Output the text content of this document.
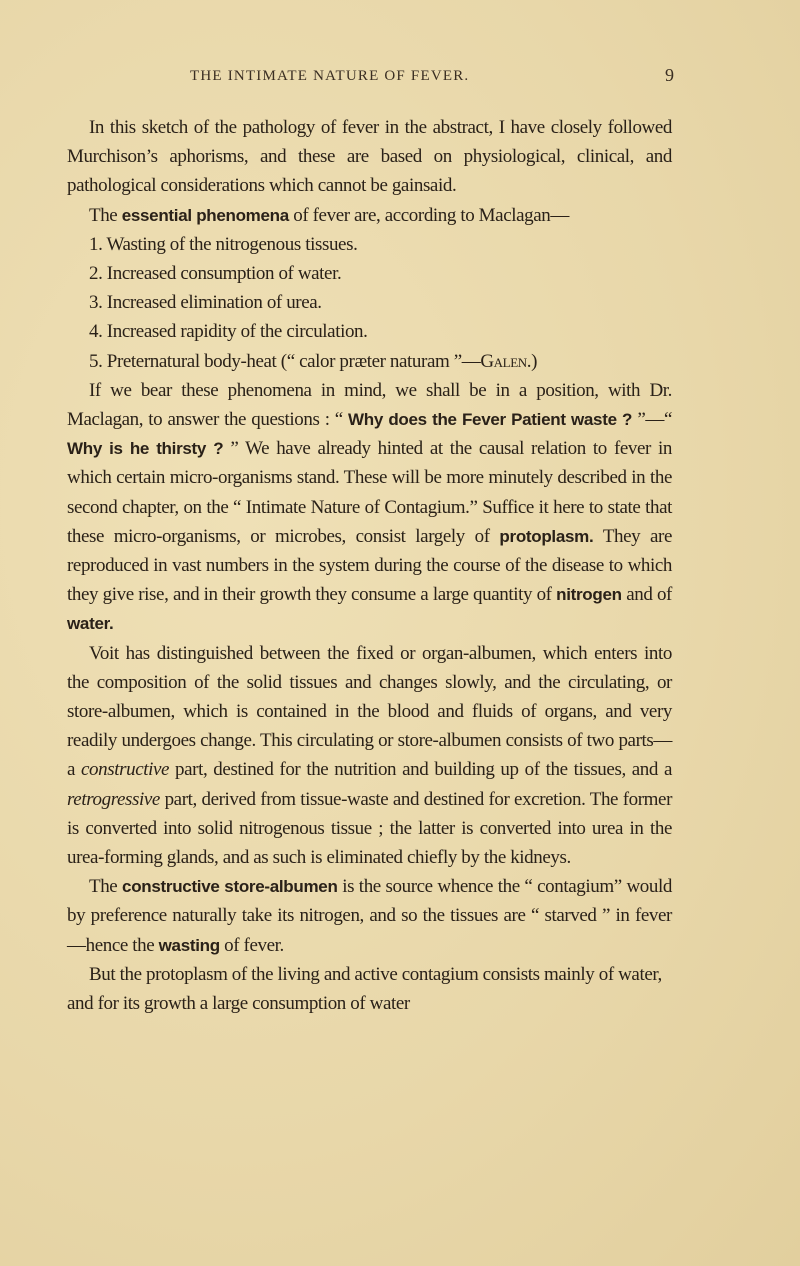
THE INTIMATE NATURE OF FEVER.	9

In this sketch of the pathology of fever in the abstract, I have closely followed Murchison’s aphorisms, and these are based on physiological, clinical, and pathological considerations which cannot be gainsaid.

The essential phenomena of fever are, according to Maclagan—

1. Wasting of the nitrogenous tissues.

2. Increased consumption of water.

3. Increased elimination of urea.

4. Increased rapidity of the circulation.

5. Preternatural body-heat (“ calor præter naturam ”—Galen.)

If we bear these phenomena in mind, we shall be in a position, with Dr. Maclagan, to answer the questions : “ Why does the Fever Patient waste ? ”—“ Why is he thirsty ? ” We have already hinted at the causal relation to fever in which certain micro-organisms stand. These will be more minutely described in the second chapter, on the “ Intimate Nature of Contagium.” Suffice it here to state that these micro-organisms, or microbes, consist largely of protoplasm. They are reproduced in vast numbers in the system during the course of the disease to which they give rise, and in their growth they consume a large quantity of nitrogen and of water.

Voit has distinguished between the fixed or organ-albumen, which enters into the composition of the solid tissues and changes slowly, and the circulating, or store-albumen, which is contained in the blood and fluids of organs, and very readily undergoes change. This circulating or store-albumen consists of two parts—a constructive part, destined for the nutrition and building up of the tissues, and a retrogressive part, derived from tissue-waste and destined for excretion. The former is converted into solid nitrogenous tissue ; the latter is converted into urea in the urea-forming glands, and as such is eliminated chiefly by the kidneys.

The constructive store-albumen is the source whence the “ contagium” would by preference naturally take its nitrogen, and so the tissues are “ starved ” in fever—hence the wasting of fever.

But the protoplasm of the living and active contagium consists mainly of water, and for its growth a large consumption of water
